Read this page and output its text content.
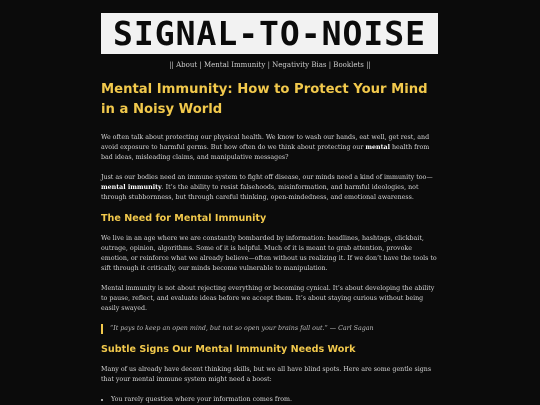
SIGNAL-TO-NOISE
|| About | Mental Immunity | Negativity Bias | Booklets ||
Mental Immunity: How to Protect Your Mind in a Noisy World

We often talk about protecting our physical health. We know to wash our hands, eat well, get rest, and avoid exposure to harmful germs. But how often do we think about protecting our mental health from bad ideas, misleading claims, and manipulative messages?

Just as our bodies need an immune system to fight off disease, our minds need a kind of immunity too—mental immunity. It’s the ability to resist falsehoods, misinformation, and harmful ideologies, not through stubbornness, but through careful thinking, open-mindedness, and emotional awareness.

The Need for Mental Immunity

We live in an age where we are constantly bombarded by information: headlines, hashtags, clickbait, outrage, opinion, algorithms. Some of it is helpful. Much of it is meant to grab attention, provoke emotion, or reinforce what we already believe—often without us realizing it. If we don’t have the tools to sift through it critically, our minds become vulnerable to manipulation.

Mental immunity is not about rejecting everything or becoming cynical. It’s about developing the ability to pause, reflect, and evaluate ideas before we accept them. It’s about staying curious without being easily swayed.

“It pays to keep an open mind, but not so open your brains fall out.” — Carl Sagan
Subtle Signs Our Mental Immunity Needs Work

Many of us already have decent thinking skills, but we all have blind spots. Here are some gentle signs that your mental immune system might need a boost:

• You rarely question where your information comes from.
